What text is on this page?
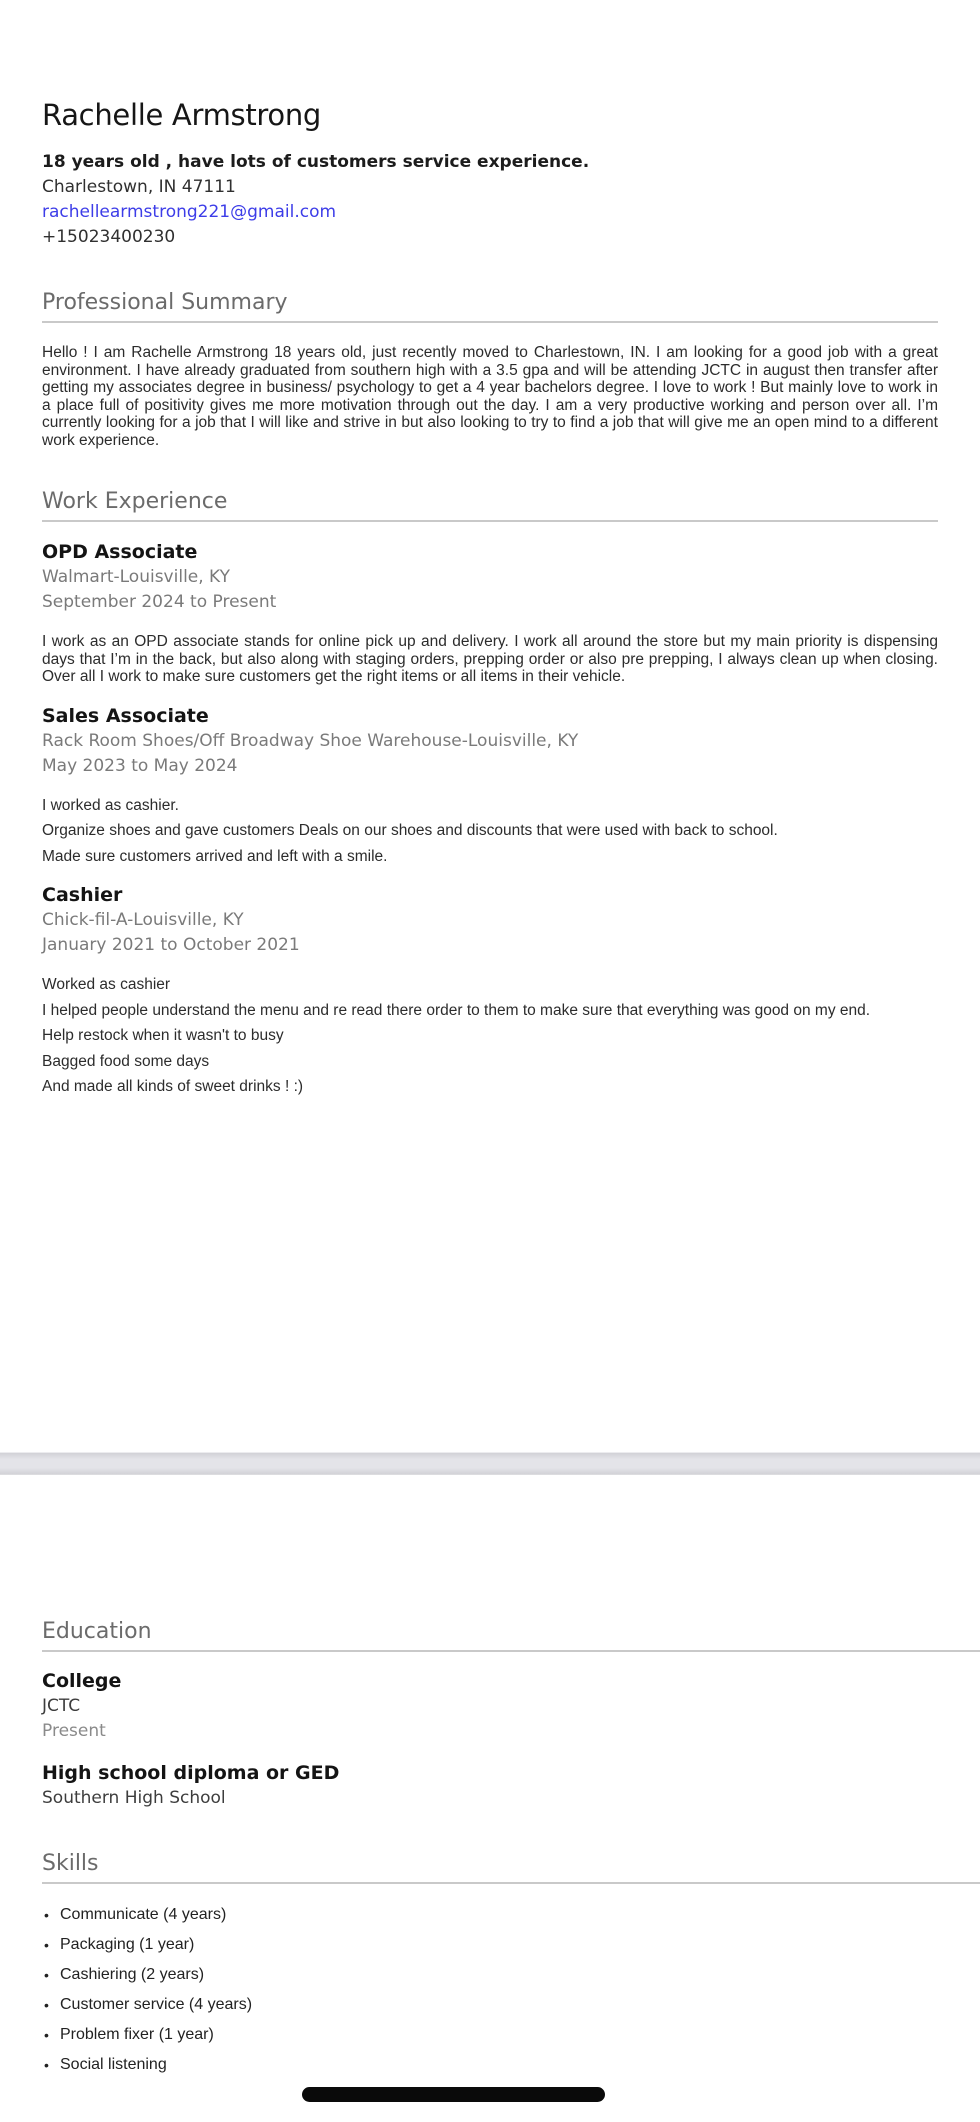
Rachelle Armstrong
18 years old , have lots of customers service experience.
Charlestown, IN 47111
rachellearmstrong221@gmail.com
+15023400230
Professional Summary

Hello ! I am Rachelle Armstrong 18 years old, just recently moved to Charlestown, IN. I am looking for a good job with a great environment. I have already graduated from southern high with a 3.5 gpa and will be attending JCTC in august then transfer after getting my associates degree in business/ psychology to get a 4 year bachelors degree. I love to work ! But mainly love to work in a place full of positivity gives me more motivation through out the day. I am a very productive working and person over all. I’m currently looking for a job that I will like and strive in but also looking to try to find a job that will give me an open mind to a different work experience.

Work Experience
OPD Associate
Walmart-Louisville, KY
September 2024 to Present

I work as an OPD associate stands for online pick up and delivery. I work all around the store but my main priority is dispensing days that I’m in the back, but also along with staging orders, prepping order or also pre prepping, I always clean up when closing. Over all I work to make sure customers get the right items or all items in their vehicle.

Sales Associate
Rack Room Shoes/Off Broadway Shoe Warehouse-Louisville, KY
May 2023 to May 2024

I worked as cashier.

Organize shoes and gave customers Deals on our shoes and discounts that were used with back to school.

Made sure customers arrived and left with a smile.

Cashier
Chick-fil-A-Louisville, KY
January 2021 to October 2021

Worked as cashier

I helped people understand the menu and re read there order to them to make sure that everything was good on my end.

Help restock when it wasn't to busy

Bagged food some days

And made all kinds of sweet drinks ! :)

Education
College
JCTC
Present
High school diploma or GED
Southern High School
Skills
• Communicate (4 years)
• Packaging (1 year)
• Cashiering (2 years)
• Customer service (4 years)
• Problem fixer (1 year)
• Social listening
